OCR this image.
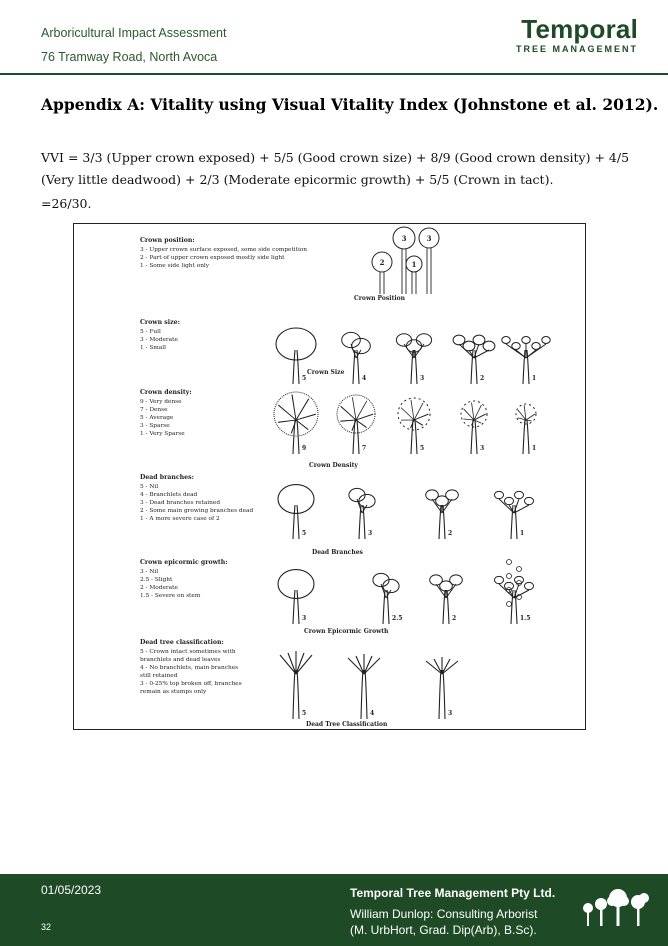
Arboricultural Impact Assessment
76 Tramway Road, North Avoca
Temporal
TREE MANAGEMENT
Appendix A: Vitality using Visual Vitality Index (Johnstone et al. 2012).
VVI = 3/3 (Upper crown exposed) + 5/5 (Good crown size) + 8/9 (Good crown density) + 4/5 (Very little deadwood) + 2/3 (Moderate epicormic growth) + 5/5 (Crown in tact).
=26/30.
Crown position:
3 - Upper crown surface exposed, some side competition
2 - Part of upper crown exposed mostly side light
1 - Some side light only
Crown Position
2
3	3
1
Crown size:
5 - Full
3 - Moderate
1 - Small
Crown Size
5	4	3	2	1
Crown density:
9 - Very dense
7 - Dense
5 - Average
3 - Sparse
1 - Very Sparse
Crown Density
9	7	5	3	1
Dead branches:
5 - Nil
4 - Branchlets dead
3 - Dead branches retained
2 - Some main growing branches dead
1 - A more severe case of 2
Dead Branches
5	3	2	1
Crown epicormic growth:
3 - Nil
2.5 - Slight
2 - Moderate
1.5 - Severe on stem
Crown Epicormic Growth
3	2.5	2	1.5
Dead tree classification:
5 - Crown intact sometimes with
branchlets and dead leaves
4 - No branchlets, main branches
still retained
3 - 0-25% top broken off, branches
remain as stumps only
Dead Tree Classification
5	4	3
01/05/2023
32
Temporal Tree Management Pty Ltd.
William Dunlop: Consulting Arborist
(M. UrbHort, Grad. Dip(Arb), B.Sc).
